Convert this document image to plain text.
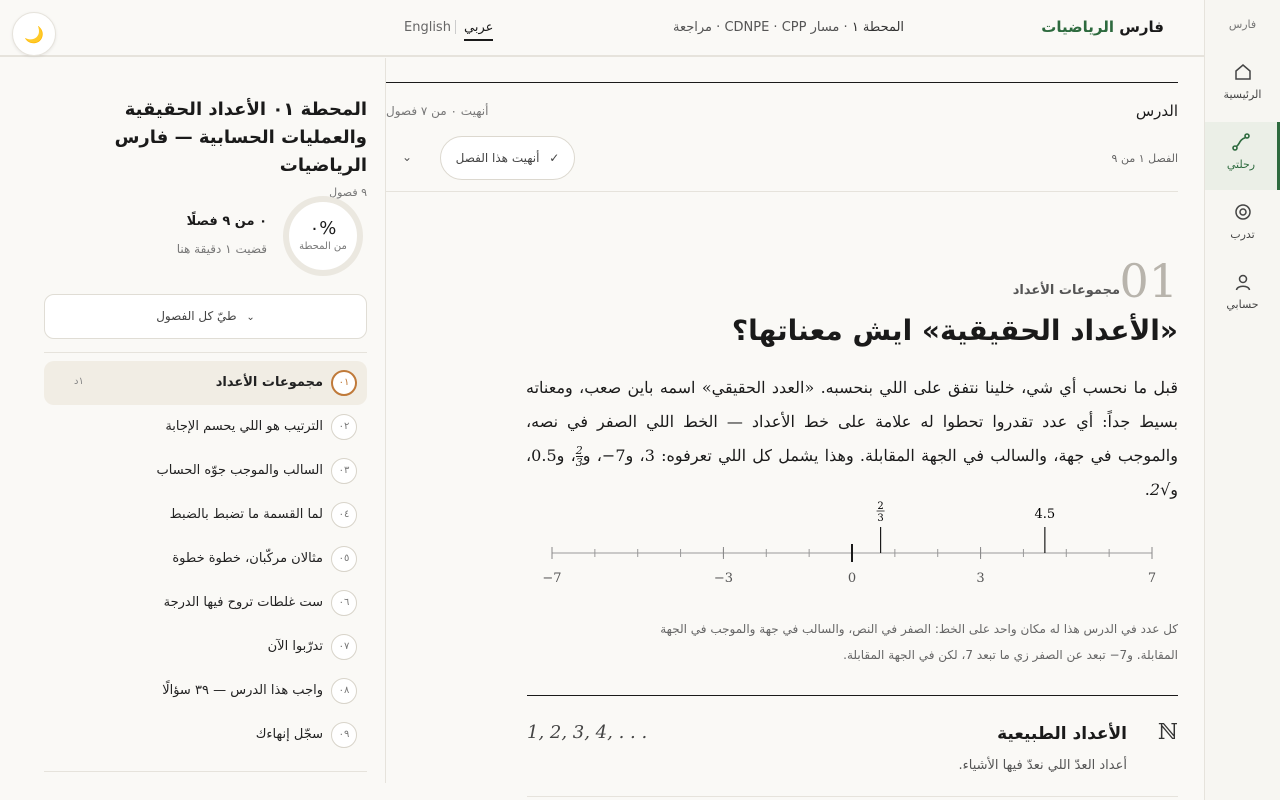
فارس
الرئيسية
رحلتي
تدرب
حسابي
فارس الرياضيات
المحطة ١ · مسار CDNPE · CPP · مراجعة
عربي
English
🌙
المحطة ٠١ الأعداد الحقيقية والعمليات الحسابية — فارس الرياضيات
٩ فصول
٠%
من المحطة
٠ من ٩ فصلًا
قضيت ١ دقيقة هنا
طيّ كل الفصول ⌄
٠١
مجموعات الأعداد
١د
٠٢
الترتيب هو اللي يحسم الإجابة
٠٣
السالب والموجب جوّه الحساب
٠٤
لما القسمة ما تضبط بالضبط
٠٥
مثالان مركّبان، خطوة خطوة
٠٦
ست غلطات تروح فيها الدرجة
٠٧
تدرّبوا الآن
٠٨
واجب هذا الدرس — ٣٩ سؤالًا
٠٩
سجّل إنهاءك
الدرس
أنهيت ٠ من ٧ فصول
الفصل ١ من ٩
✓ أنهيت هذا الفصل
⌄
01
مجموعات الأعداد
«الأعداد الحقيقية» ايش معناتها؟
قبل ما نحسب أي شي، خلينا نتفق على اللي بنحسبه. «العدد الحقيقي» اسمه باين صعب، ومعناته بسيط جداً: أي عدد تقدروا تحطوا له علامة على خط الأعداد — الخط اللي الصفر في نصه، والموجب في جهة، والسالب في الجهة المقابلة. وهذا يشمل كل اللي تعرفوه: 3، و7−، و
$\frac{2}{3}$
، و0.5، و√2.
−7	−3	0	3	7
2
3	4.5
كل عدد في الدرس هذا له مكان واحد على الخط: الصفر في النص، والسالب في جهة والموجب في الجهة المقابلة. و7− تبعد عن الصفر زي ما تبعد 7، لكن في الجهة المقابلة.
ℕ
الأعداد الطبيعية
أعداد العدّ اللي نعدّ فيها الأشياء.
1, 2, 3, 4, . . .
